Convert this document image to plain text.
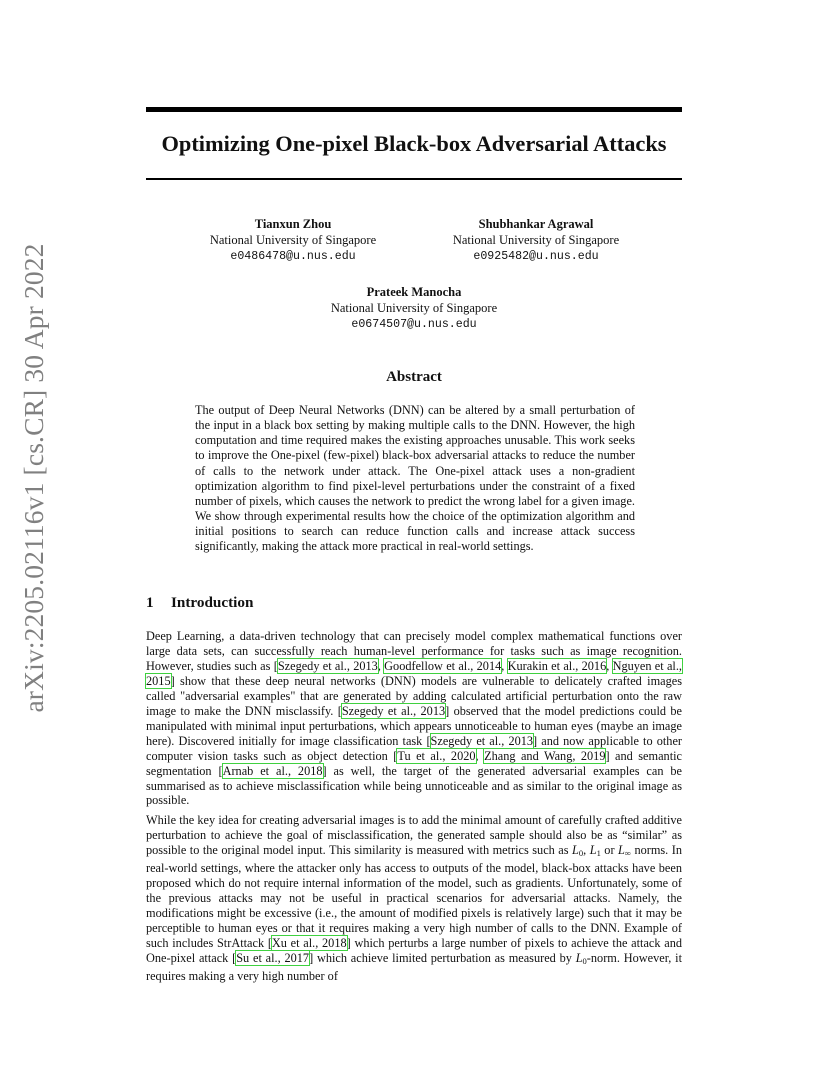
arXiv:2205.02116v1 [cs.CR] 30 Apr 2022
Optimizing One-pixel Black-box Adversarial Attacks
Tianxun Zhou
National University of Singapore
e0486478@u.nus.edu
Shubhankar Agrawal
National University of Singapore
e0925482@u.nus.edu
Prateek Manocha
National University of Singapore
e0674507@u.nus.edu
Abstract
The output of Deep Neural Networks (DNN) can be altered by a small perturbation of the input in a black box setting by making multiple calls to the DNN. However, the high computation and time required makes the existing approaches unusable. This work seeks to improve the One-pixel (few-pixel) black-box adversarial attacks to reduce the number of calls to the network under attack. The One-pixel attack uses a non-gradient optimization algorithm to find pixel-level perturbations under the constraint of a fixed number of pixels, which causes the network to predict the wrong label for a given image. We show through experimental results how the choice of the optimization algorithm and initial positions to search can reduce function calls and increase attack success significantly, making the attack more practical in real-world settings.
1 Introduction
Deep Learning, a data-driven technology that can precisely model complex mathematical functions over large data sets, can successfully reach human-level performance for tasks such as image recognition. However, studies such as [Szegedy et al., 2013, Goodfellow et al., 2014, Kurakin et al., 2016, Nguyen et al., 2015] show that these deep neural networks (DNN) models are vulnerable to delicately crafted images called "adversarial examples" that are generated by adding calculated artificial perturbation onto the raw image to make the DNN misclassify. [Szegedy et al., 2013] observed that the model predictions could be manipulated with minimal input perturbations, which appears unnoticeable to human eyes (maybe an image here). Discovered initially for image classification task [Szegedy et al., 2013] and now applicable to other computer vision tasks such as object detection [Tu et al., 2020, Zhang and Wang, 2019] and semantic segmentation [Arnab et al., 2018] as well, the target of the generated adversarial examples can be summarised as to achieve misclassification while being unnoticeable and as similar to the original image as possible.
While the key idea for creating adversarial images is to add the minimal amount of carefully crafted additive perturbation to achieve the goal of misclassification, the generated sample should also be as “similar” as possible to the original model input. This similarity is measured with metrics such as $L_0$, $L_1$ or $L_\infty$ norms. In real-world settings, where the attacker only has access to outputs of the model, black-box attacks have been proposed which do not require internal information of the model, such as gradients. Unfortunately, some of the previous attacks may not be useful in practical scenarios for adversarial attacks. Namely, the modifications might be excessive (i.e., the amount of modified pixels is relatively large) such that it may be perceptible to human eyes or that it requires making a very high number of calls to the DNN. Example of such includes StrAttack [Xu et al., 2018] which perturbs a large number of pixels to achieve the attack and One-pixel attack [Su et al., 2017] which achieve limited perturbation as measured by $L_0$-norm. However, it requires making a very high number of
